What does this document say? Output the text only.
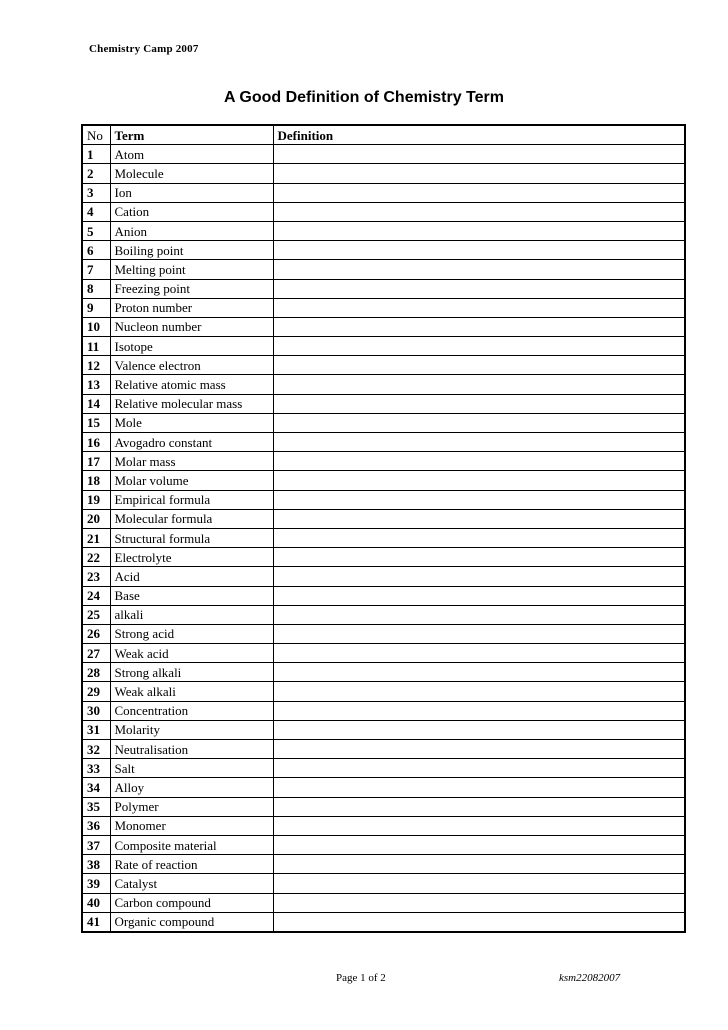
Chemistry Camp 2007
A Good Definition of Chemistry Term
No	Term	Definition
1	Atom	
2	Molecule	
3	Ion	
4	Cation	
5	Anion	
6	Boiling point	
7	Melting point	
8	Freezing point	
9	Proton number	
10	Nucleon number	
11	Isotope	
12	Valence electron	
13	Relative atomic mass	
14	Relative molecular mass	
15	Mole	
16	Avogadro constant	
17	Molar mass	
18	Molar volume	
19	Empirical formula	
20	Molecular formula	
21	Structural formula	
22	Electrolyte	
23	Acid	
24	Base	
25	alkali	
26	Strong acid	
27	Weak acid	
28	Strong alkali	
29	Weak alkali	
30	Concentration	
31	Molarity	
32	Neutralisation	
33	Salt	
34	Alloy	
35	Polymer	
36	Monomer	
37	Composite material	
38	Rate of reaction	
39	Catalyst	
40	Carbon compound	
41	Organic compound	
Page 1 of 2	ksm22082007
